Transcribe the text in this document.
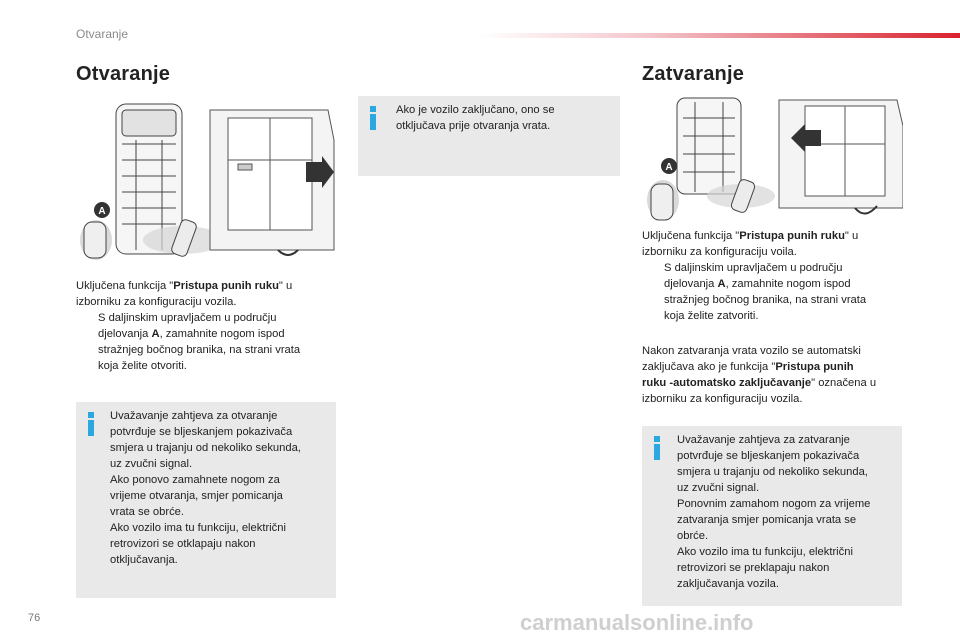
Otvaranje
Otvaranje
A
Uključena funkcija "Pristupa punih ruku" u
izborniku za konfiguraciju vozila.
S daljinskim upravljačem u području
djelovanja A, zamahnite nogom ispod
stražnjeg bočnog branika, na strani vrata
koja želite otvoriti.
Uvažavanje zahtjeva za otvaranje
potvrđuje se bljeskanjem pokazivača
smjera u trajanju od nekoliko sekunda,
uz zvučni signal.
Ako ponovo zamahnete nogom za
vrijeme otvaranja, smjer pomicanja
vrata se obrće.
Ako vozilo ima tu funkciju, električni
retrovizori se otklapaju nakon
otključavanja.
Ako je vozilo zaključano, ono se
otključava prije otvaranja vrata.
Zatvaranje
A
Uključena funkcija "Pristupa punih ruku" u
izborniku za konfiguraciju voila.
S daljinskim upravljačem u području
djelovanja A, zamahnite nogom ispod
stražnjeg bočnog branika, na strani vrata
koja želite zatvoriti.
Nakon zatvaranja vrata vozilo se automatski
zaključava ako je funkcija "Pristupa punih
ruku -automatsko zaključavanje" označena u
izborniku za konfiguraciju vozila.
Uvažavanje zahtjeva za zatvaranje
potvrđuje se bljeskanjem pokazivača
smjera u trajanju od nekoliko sekunda,
uz zvučni signal.
Ponovnim zamahom nogom za vrijeme
zatvaranja smjer pomicanja vrata se
obrće.
Ako vozilo ima tu funkciju, električni
retrovizori se preklapaju nakon
zaključavanja vozila.
76	carmanualsonline.info
